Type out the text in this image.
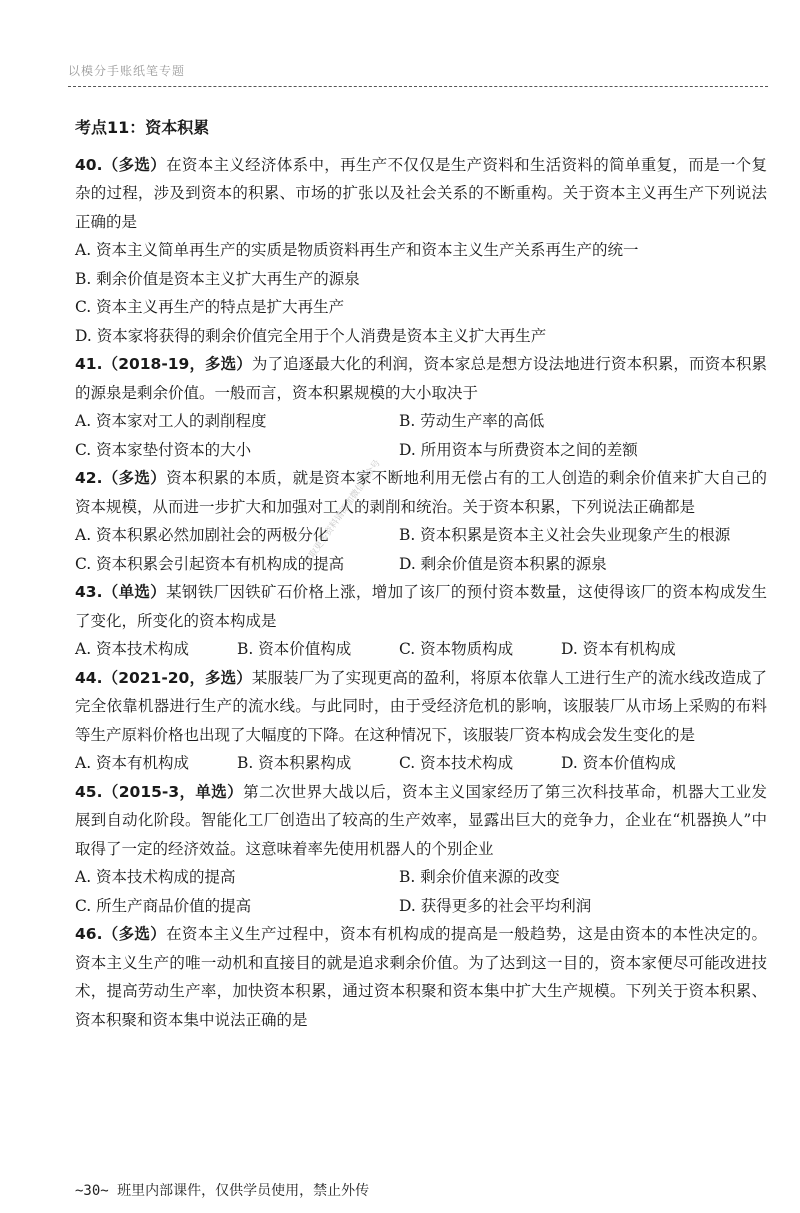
以模分手账纸笔专题
获取更多资料请添加微信公众号
考点11：资本积累

40.（多选）在资本主义经济体系中，再生产不仅仅是生产资料和生活资料的简单重复，而是一个复杂的过程，涉及到资本的积累、市场的扩张以及社会关系的不断重构。关于资本主义再生产下列说法正确的是

A. 资本主义简单再生产的实质是物质资料再生产和资本主义生产关系再生产的统一
B. 剩余价值是资本主义扩大再生产的源泉
C. 资本主义再生产的特点是扩大再生产
D. 资本家将获得的剩余价值完全用于个人消费是资本主义扩大再生产

41.（2018-19，多选）为了追逐最大化的利润，资本家总是想方设法地进行资本积累，而资本积累的源泉是剩余价值。一般而言，资本积累规模的大小取决于

A. 资本家对工人的剥削程度	B. 劳动生产率的高低
C. 资本家垫付资本的大小	D. 所用资本与所费资本之间的差额

42.（多选）资本积累的本质，就是资本家不断地利用无偿占有的工人创造的剩余价值来扩大自己的资本规模，从而进一步扩大和加强对工人的剥削和统治。关于资本积累，下列说法正确都是

A. 资本积累必然加剧社会的两极分化	B. 资本积累是资本主义社会失业现象产生的根源
C. 资本积累会引起资本有机构成的提高	D. 剩余价值是资本积累的源泉

43.（单选）某钢铁厂因铁矿石价格上涨，增加了该厂的预付资本数量，这使得该厂的资本构成发生了变化，所变化的资本构成是

A. 资本技术构成	B. 资本价值构成	C. 资本物质构成	D. 资本有机构成

44.（2021-20，多选）某服装厂为了实现更高的盈利，将原本依靠人工进行生产的流水线改造成了完全依靠机器进行生产的流水线。与此同时，由于受经济危机的影响，该服装厂从市场上采购的布料等生产原料价格也出现了大幅度的下降。在这种情况下，该服装厂资本构成会发生变化的是

A. 资本有机构成	B. 资本积累构成	C. 资本技术构成	D. 资本价值构成

45.（2015-3，单选）第二次世界大战以后，资本主义国家经历了第三次科技革命，机器大工业发展到自动化阶段。智能化工厂创造出了较高的生产效率，显露出巨大的竞争力，企业在“机器换人”中取得了一定的经济效益。这意味着率先使用机器人的个别企业

A. 资本技术构成的提高	B. 剩余价值来源的改变
C. 所生产商品价值的提高	D. 获得更多的社会平均利润

46.（多选）在资本主义生产过程中，资本有机构成的提高是一般趋势，这是由资本的本性决定的。资本主义生产的唯一动机和直接目的就是追求剩余价值。为了达到这一目的，资本家便尽可能改进技术，提高劳动生产率，加快资本积累，通过资本积聚和资本集中扩大生产规模。下列关于资本积累、资本积聚和资本集中说法正确的是

~30~ 班里内部课件，仅供学员使用，禁止外传
